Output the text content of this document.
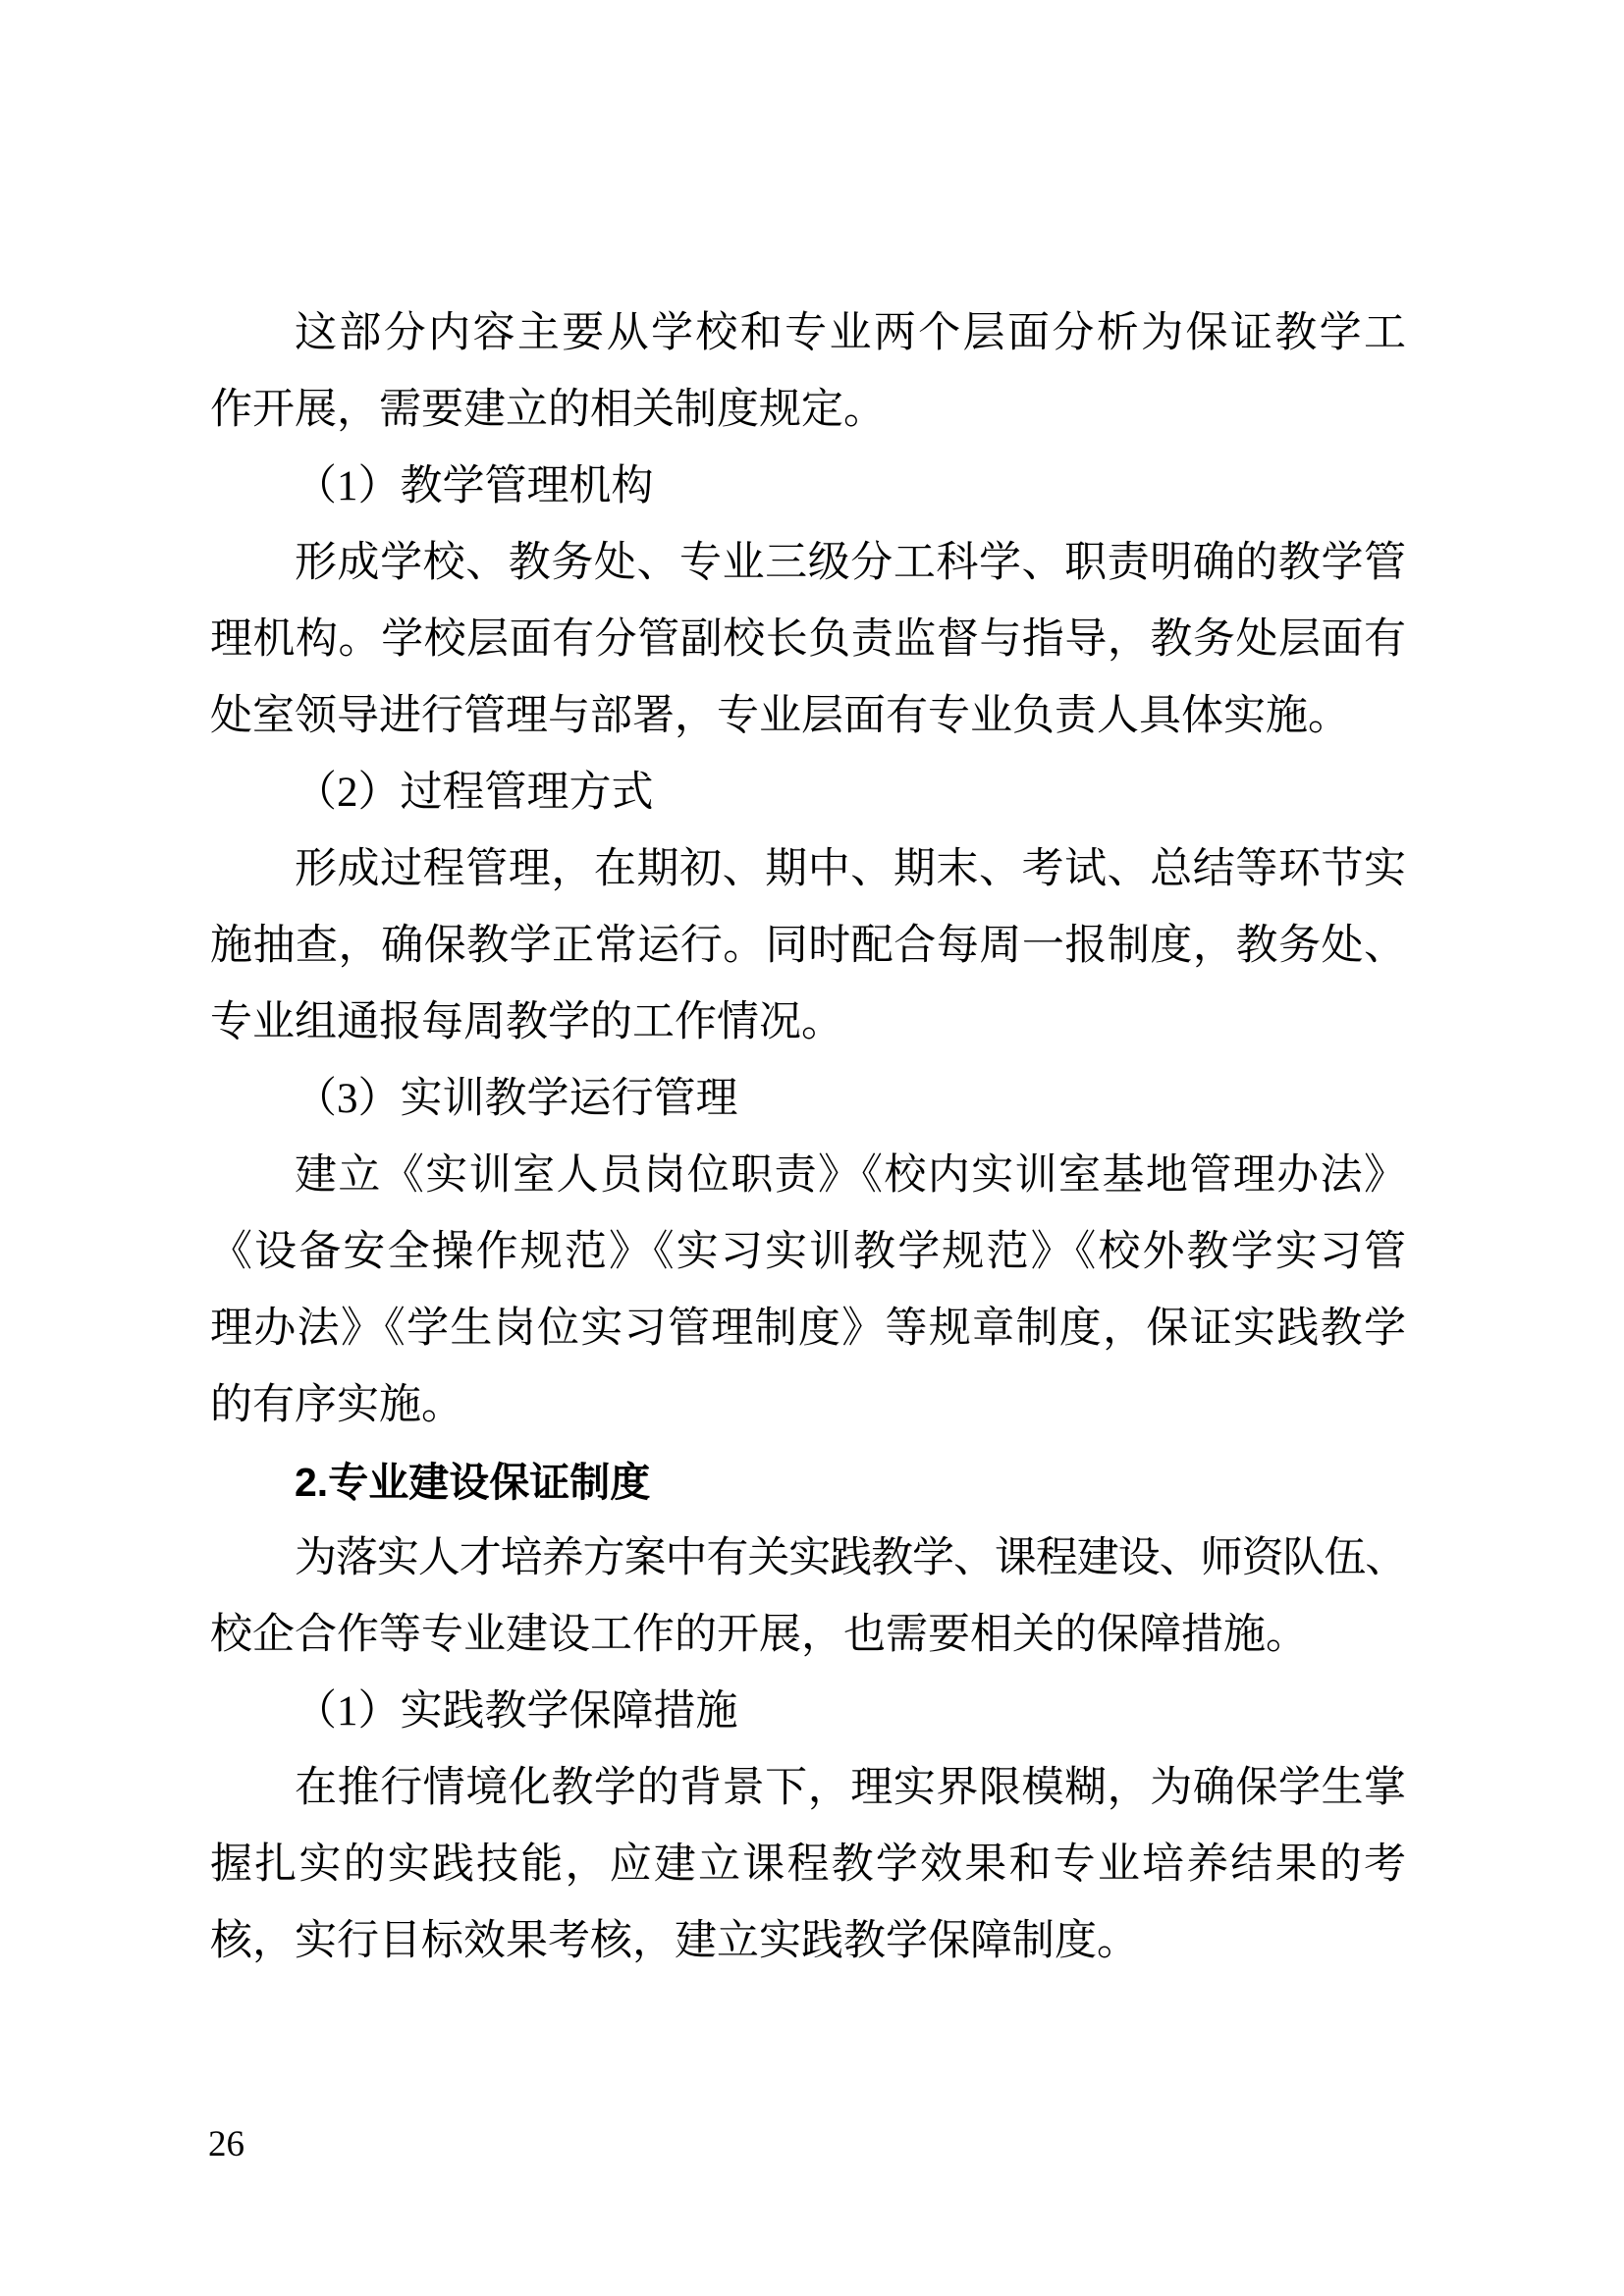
这部分内容主要从学校和专业两个层面分析为保证教学工
作开展，需要建立的相关制度规定。

（1）教学管理机构

形成学校、教务处、专业三级分工科学、职责明确的教学管
理机构。学校层面有分管副校长负责监督与指导，教务处层面有
处室领导进行管理与部署，专业层面有专业负责人具体实施。

（2）过程管理方式

形成过程管理，在期初、期中、期末、考试、总结等环节实
施抽查，确保教学正常运行。同时配合每周一报制度，教务处、
专业组通报每周教学的工作情况。

（3）实训教学运行管理

建立《实训室人员岗位职责》《校内实训室基地管理办法》
《设备安全操作规范》《实习实训教学规范》《校外教学实习管
理办法》《学生岗位实习管理制度》等规章制度，保证实践教学
的有序实施。

2.专业建设保证制度

为落实人才培养方案中有关实践教学、课程建设、师资队伍、
校企合作等专业建设工作的开展，也需要相关的保障措施。

（1）实践教学保障措施

在推行情境化教学的背景下，理实界限模糊，为确保学生掌
握扎实的实践技能，应建立课程教学效果和专业培养结果的考
核，实行目标效果考核，建立实践教学保障制度。

26
